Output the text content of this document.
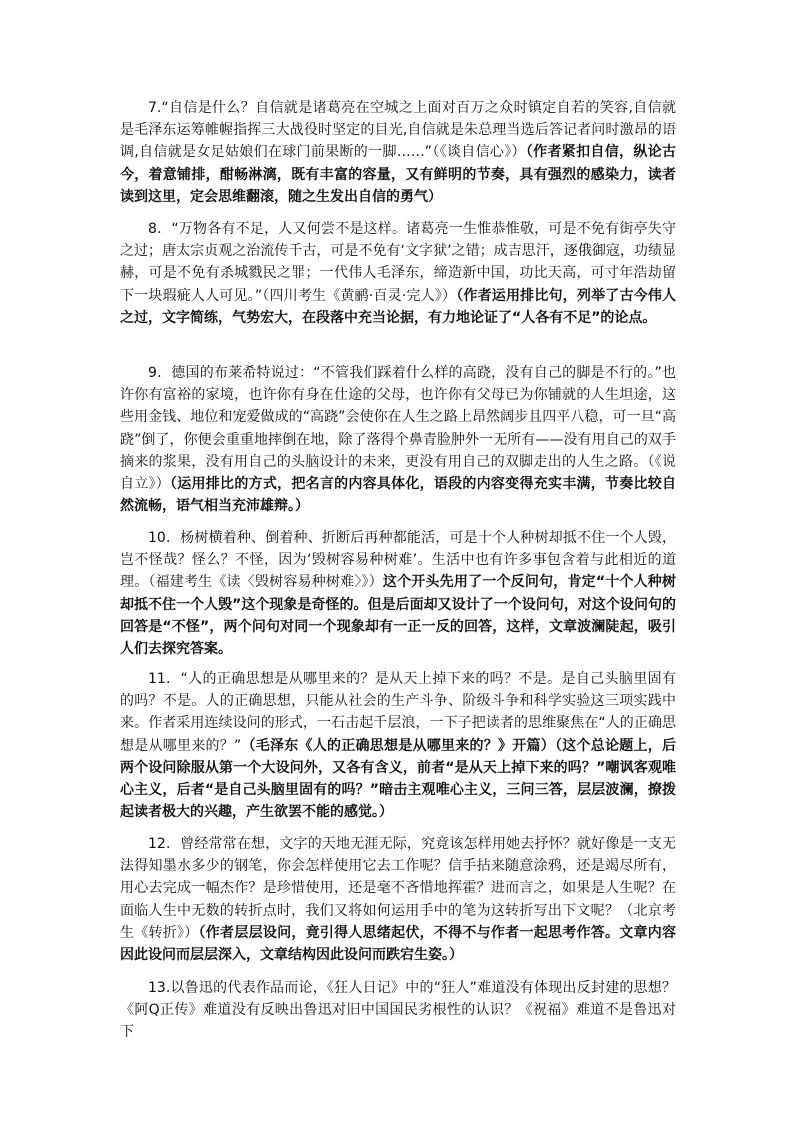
7.“自信是什么？自信就是诸葛亮在空城之上面对百万之众时镇定自若的笑容,自信就是毛泽东运筹帷幄指挥三大战役时坚定的目光,自信就是朱总理当选后答记者问时激昂的语调,自信就是女足姑娘们在球门前果断的一脚……”（《谈自信心》）（作者紧扣自信，纵论古今，着意铺排，酣畅淋漓，既有丰富的容量，又有鲜明的节奏，具有强烈的感染力，读者读到这里，定会思维翻滚，随之生发出自信的勇气）

8．“万物各有不足，人又何尝不是这样。诸葛亮一生惟恭惟敬，可是不免有街亭失守之过；唐太宗贞观之治流传千古，可是不免有‘文字狱’之错；成吉思汗，逐俄御寇，功绩显赫，可是不免有杀城戮民之罪；一代伟人毛泽东，缔造新中国，功比天高，可寸年浩劫留下一块瑕疵人人可见。”（四川考生《黄鹂·百灵·完人》）（作者运用排比句，列举了古今伟人之过，文字简练，气势宏大，在段落中充当论据，有力地论证了“人各有不足”的论点。

9．德国的布莱希特说过：“不管我们踩着什么样的高跷，没有自己的脚是不行的。”也许你有富裕的家境，也许你有身在仕途的父母，也许你有父母已为你铺就的人生坦途，这些用金钱、地位和宠爱做成的“高跷”会使你在人生之路上昂然阔步且四平八稳，可一旦“高跷”倒了，你便会重重地摔倒在地，除了落得个鼻青脸肿外一无所有——没有用自己的双手摘来的浆果，没有用自己的头脑设计的未来，更没有用自己的双脚走出的人生之路。（《说自立》）（运用排比的方式，把名言的内容具体化，语段的内容变得充实丰满，节奏比较自然流畅，语气相当充沛雄辩。）

10．杨树横着种、倒着种、折断后再种都能活，可是十个人种树却抵不住一个人毁，岂不怪哉？怪么？不怪，因为‘毁树容易种树难’。生活中也有许多事包含着与此相近的道理。（福建考生《读〈毁树容易种树难〉》）这个开头先用了一个反问句，肯定“十个人种树却抵不住一个人毁”这个现象是奇怪的。但是后面却又设计了一个设问句，对这个设问句的回答是“不怪”，两个问句对同一个现象却有一正一反的回答，这样，文章波澜陡起，吸引人们去探究答案。

11．“人的正确思想是从哪里来的？是从天上掉下来的吗？不是。是自己头脑里固有的吗？不是。人的正确思想，只能从社会的生产斗争、阶级斗争和科学实验这三项实践中来。作者采用连续设问的形式，一石击起千层浪，一下子把读者的思维聚焦在“人的正确思想是从哪里来的？”（毛泽东《人的正确思想是从哪里来的？》开篇）（这个总论题上，后两个设问除服从第一个大设问外，又各有含义，前者“是从天上掉下来的吗？”嘲讽客观唯心主义，后者“是自己头脑里固有的吗？”暗击主观唯心主义，三问三答，层层波澜，撩拨起读者极大的兴趣，产生欲罢不能的感觉。）

12．曾经常常在想，文字的天地无涯无际，究竟该怎样用她去抒怀？就好像是一支无法得知墨水多少的钢笔，你会怎样使用它去工作呢？信手拈来随意涂鸦，还是竭尽所有，用心去完成一幅杰作？是珍惜使用，还是毫不吝惜地挥霍？进而言之，如果是人生呢？在面临人生中无数的转折点时，我们又将如何运用手中的笔为这转折写出下文呢？（北京考生《转折》）（作者层层设问，竟引得人思绪起伏，不得不与作者一起思考作答。文章内容因此设问而层层深入，文章结构因此设问而跌宕生姿。）

13.以鲁迅的代表作品而论，《狂人日记》中的“狂人”难道没有体现出反封建的思想？《阿Q正传》难道没有反映出鲁迅对旧中国国民劣根性的认识？《祝福》难道不是鲁迅对下
